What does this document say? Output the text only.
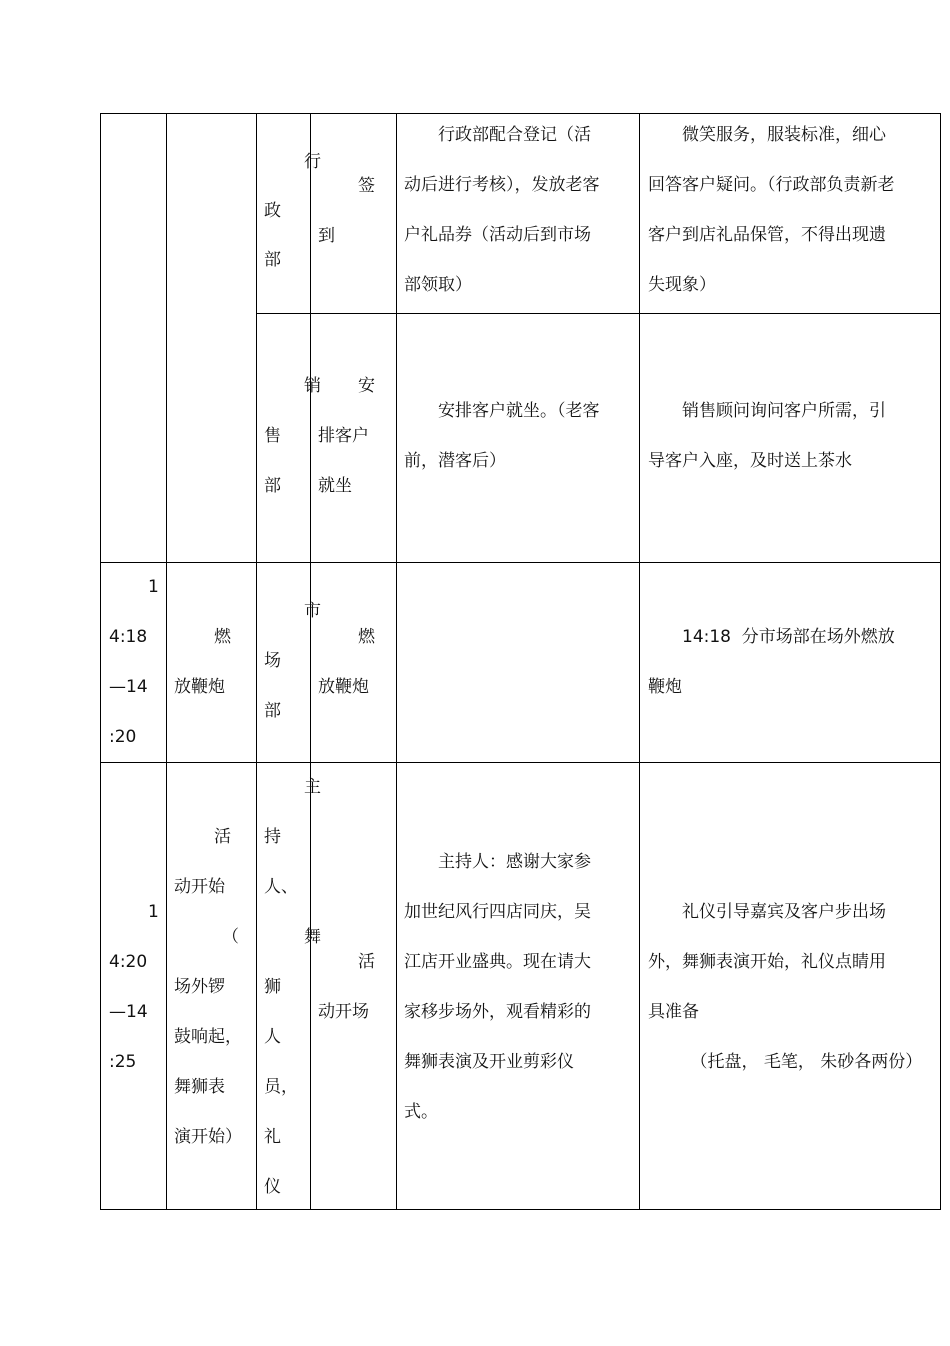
行
政
部
签
到
　　行政部配合登记（活
动后进行考核），发放老客
户礼品券（活动后到市场
部领取）
　　微笑服务，服装标准，细心
回答客户疑问。（行政部负责新老
客户到店礼品保管，不得出现遗
失现象）
销
售
部
安
排客户
就坐
　　安排客户就坐。（老客
前，潜客后）
　　销售顾问询问客户所需，引
导客户入座，及时送上茶水
1
4:18
—14
:20
燃
放鞭炮
市
场
部
燃
放鞭炮
　　14:18  分市场部在场外燃放
鞭炮
1
4:20
—14
:25
活
动开始
（
场外锣
鼓响起，
舞狮表
演开始）
主
持
人、
舞
狮
人
员，
礼
仪
活
动开场
　　主持人：感谢大家参
加世纪风行四店同庆，吴
江店开业盛典。现在请大
家移步场外，观看精彩的
舞狮表演及开业剪彩仪
式。
　　礼仪引导嘉宾及客户步出场
外，舞狮表演开始，礼仪点睛用
具准备
　　　（托盘， 毛笔， 朱砂各两份）
